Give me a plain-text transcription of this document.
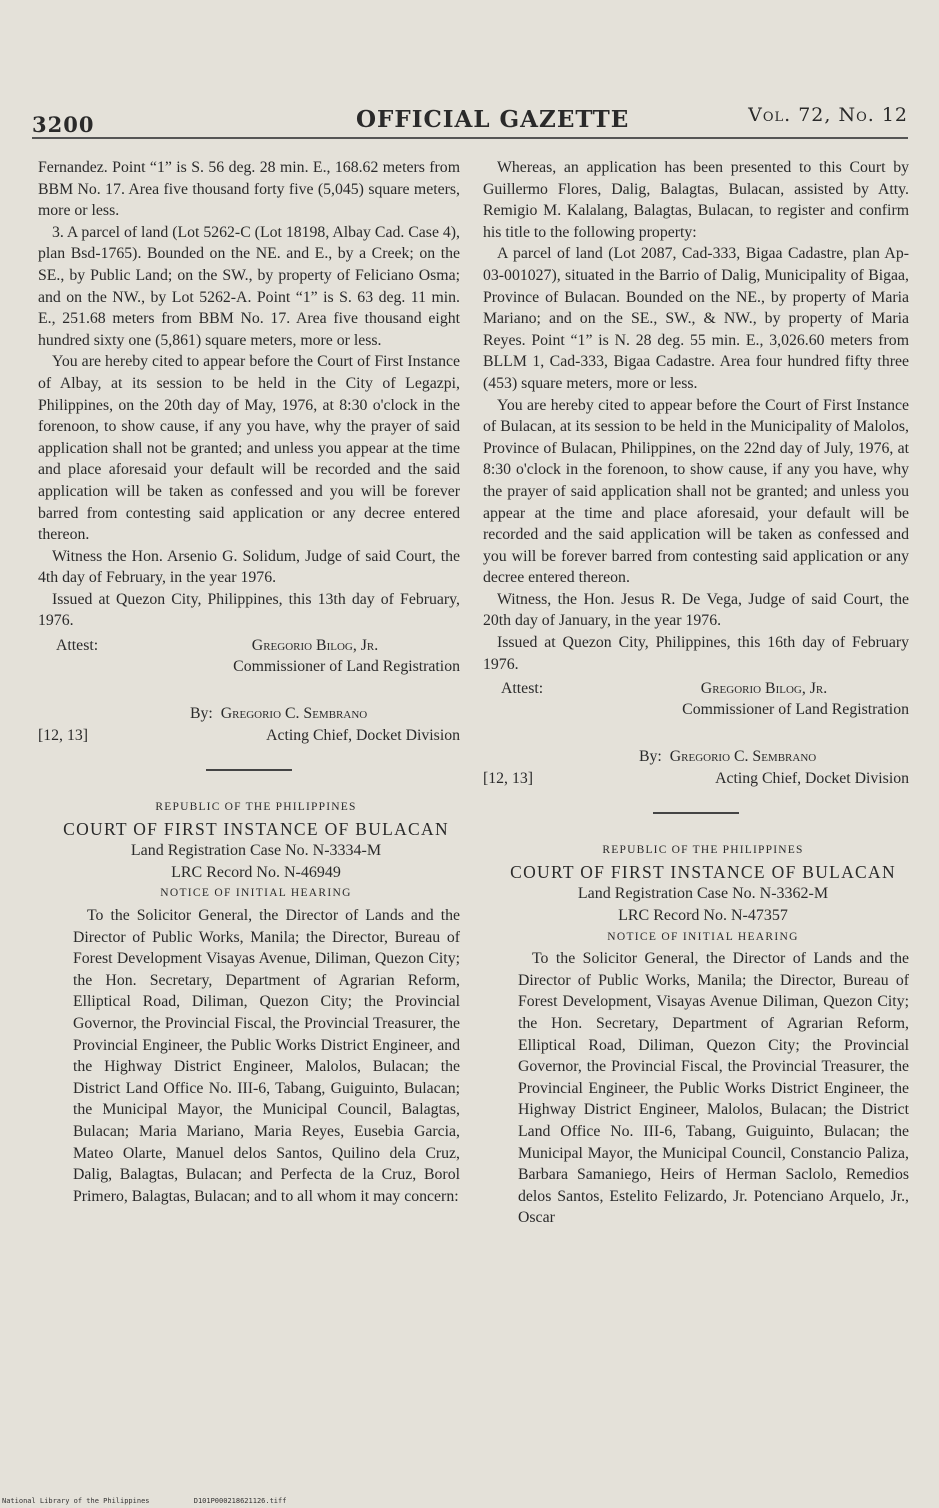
3200	OFFICIAL GAZETTE	Vol. 72, No. 12

Fernandez. Point “1” is S. 56 deg. 28 min. E., 168.62 meters from BBM No. 17. Area five thousand forty five (5,045) square meters, more or less.

3. A parcel of land (Lot 5262-C (Lot 18198, Albay Cad. Case 4), plan Bsd-1765). Bounded on the NE. and E., by a Creek; on the SE., by Public Land; on the SW., by property of Feliciano Osma; and on the NW., by Lot 5262-A. Point “1” is S. 63 deg. 11 min. E., 251.68 meters from BBM No. 17. Area five thousand eight hundred sixty one (5,861) square meters, more or less.

You are hereby cited to appear before the Court of First Instance of Albay, at its session to be held in the City of Legazpi, Philippines, on the 20th day of May, 1976, at 8:30 o'clock in the forenoon, to show cause, if any you have, why the prayer of said application shall not be granted; and unless you appear at the time and place aforesaid your default will be recorded and the said application will be taken as confessed and you will be forever barred from contesting said application or any decree entered thereon.

Witness the Hon. Arsenio G. Solidum, Judge of said Court, the 4th day of February, in the year 1976.

Issued at Quezon City, Philippines, this 13th day of February, 1976.

Attest:	Gregorio Bilog, Jr.
Commissioner of Land Registration
By: Gregorio C. Sembrano
[12, 13]	Acting Chief, Docket Division

REPUBLIC OF THE PHILIPPINES

COURT OF FIRST INSTANCE OF BULACAN

Land Registration Case No. N-3334-M

LRC Record No. N-46949

NOTICE OF INITIAL HEARING

To the Solicitor General, the Director of Lands and the Director of Public Works, Manila; the Director, Bureau of Forest Development Visayas Avenue, Diliman, Quezon City; the Hon. Secretary, Department of Agrarian Reform, Elliptical Road, Diliman, Quezon City; the Provincial Governor, the Provincial Fiscal, the Provincial Treasurer, the Provincial Engineer, the Public Works District Engineer, and the Highway District Engineer, Malolos, Bulacan; the District Land Office No. III-6, Tabang, Guiguinto, Bulacan; the Municipal Mayor, the Municipal Council, Balagtas, Bulacan; Maria Mariano, Maria Reyes, Eusebia Garcia, Mateo Olarte, Manuel delos Santos, Quilino dela Cruz, Dalig, Balagtas, Bulacan; and Perfecta de la Cruz, Borol Primero, Balagtas, Bulacan; and to all whom it may concern:

Whereas, an application has been presented to this Court by Guillermo Flores, Dalig, Balagtas, Bulacan, assisted by Atty. Remigio M. Kalalang, Balagtas, Bulacan, to register and confirm his title to the following property:

A parcel of land (Lot 2087, Cad-333, Bigaa Cadastre, plan Ap-03-001027), situated in the Barrio of Dalig, Municipality of Bigaa, Province of Bulacan. Bounded on the NE., by property of Maria Mariano; and on the SE., SW., & NW., by property of Maria Reyes. Point “1” is N. 28 deg. 55 min. E., 3,026.60 meters from BLLM 1, Cad-333, Bigaa Cadastre. Area four hundred fifty three (453) square meters, more or less.

You are hereby cited to appear before the Court of First Instance of Bulacan, at its session to be held in the Municipality of Malolos, Province of Bulacan, Philippines, on the 22nd day of July, 1976, at 8:30 o'clock in the forenoon, to show cause, if any you have, why the prayer of said application shall not be granted; and unless you appear at the time and place aforesaid, your default will be recorded and the said application will be taken as confessed and you will be forever barred from contesting said application or any decree entered thereon.

Witness, the Hon. Jesus R. De Vega, Judge of said Court, the 20th day of January, in the year 1976.

Issued at Quezon City, Philippines, this 16th day of February 1976.

Attest:	Gregorio Bilog, Jr.
Commissioner of Land Registration
By: Gregorio C. Sembrano
[12, 13]	Acting Chief, Docket Division

REPUBLIC OF THE PHILIPPINES

COURT OF FIRST INSTANCE OF BULACAN

Land Registration Case No. N-3362-M

LRC Record No. N-47357

NOTICE OF INITIAL HEARING

To the Solicitor General, the Director of Lands and the Director of Public Works, Manila; the Director, Bureau of Forest Development, Visayas Avenue Diliman, Quezon City; the Hon. Secretary, Department of Agrarian Reform, Elliptical Road, Diliman, Quezon City; the Provincial Governor, the Provincial Fiscal, the Provincial Treasurer, the Provincial Engineer, the Public Works District Engineer, the Highway District Engineer, Malolos, Bulacan; the District Land Office No. III-6, Tabang, Guiguinto, Bulacan; the Municipal Mayor, the Municipal Council, Constancio Paliza, Barbara Samaniego, Heirs of Herman Saclolo, Remedios delos Santos, Estelito Felizardo, Jr. Potenciano Arquelo, Jr., Oscar

National Library of the Philippines	D101P000218621126.tiff
